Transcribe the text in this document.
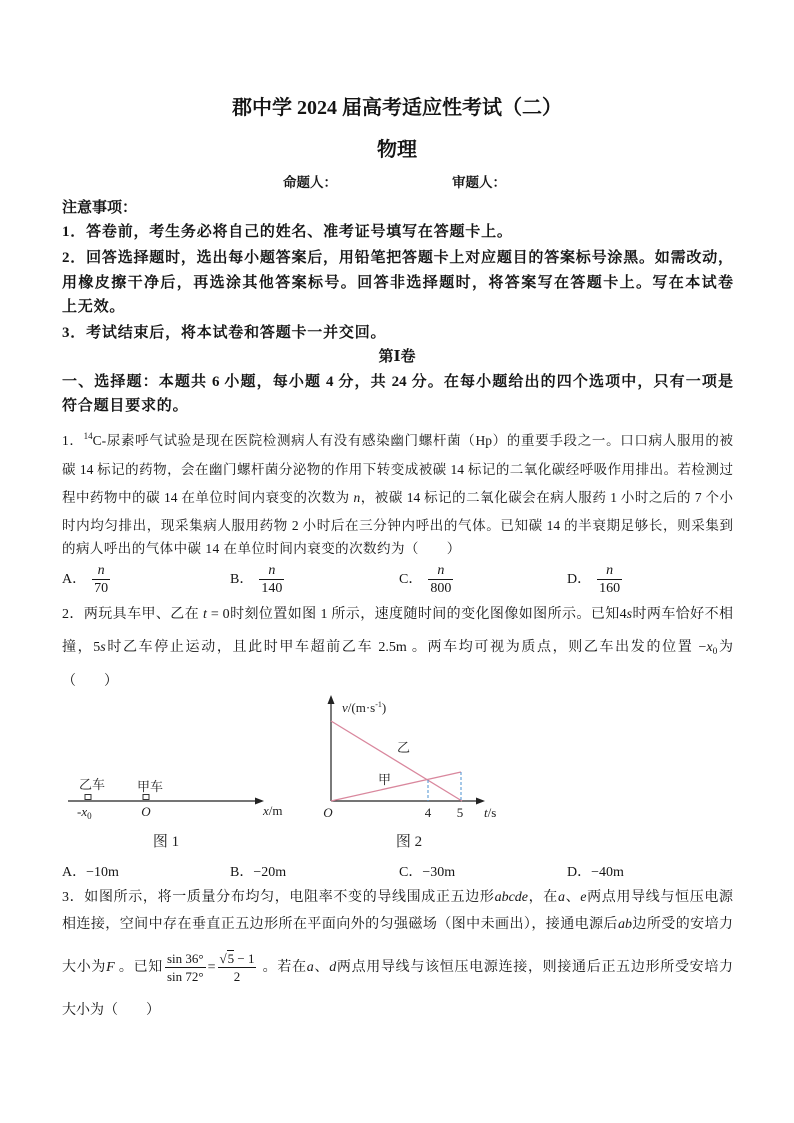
郡中学 2024 届高考适应性考试（二）
物理
命题人：	审题人：
注意事项：
1．答卷前，考生务必将自己的姓名、准考证号填写在答题卡上。
2．回答选择题时，选出每小题答案后，用铅笔把答题卡上对应题目的答案标号涂黑。如需改动，
用橡皮擦干净后，再选涂其他答案标号。回答非选择题时，将答案写在答题卡上。写在本试卷
上无效。
3．考试结束后，将本试卷和答题卡一并交回。
第Ⅰ卷
一、选择题：本题共 6 小题，每小题 4 分，共 24 分。在每小题给出的四个选项中，只有一项是
符合题目要求的。
1．$^{14}$C-尿素呼气试验是现在医院检测病人有没有感染幽门螺杆菌（Hp）的重要手段之一。口口病人服用的被
碳 14 标记的药物，会在幽门螺杆菌分泌物的作用下转变成被碳 14 标记的二氧化碳经呼吸作用排出。若检测过
程中药物中的碳 14 在单位时间内衰变的次数为 n，被碳 14 标记的二氧化碳会在病人服药 1 小时之后的 7 个小
时内均匀排出，现采集病人服用药物 2 小时后在三分钟内呼出的气体。已知碳 14 的半衰期足够长，则采集到
的病人呼出的气体中碳 14 在单位时间内衰变的次数约为（　　）
A． $\frac{n}{70}$	B． $\frac{n}{140}$	C． $\frac{n}{800}$	D． $\frac{n}{160}$
2．两玩具车甲、乙在 t = 0时刻位置如图 1 所示，速度随时间的变化图像如图所示。已知4s时两车恰好不相
撞，5s时乙车停止运动，且此时甲车超前乙车 2.5m 。两车均可视为质点，则乙车出发的位置 $-x_0$为
（　　）
乙车 甲车
$-x_0$	O	x/m
图 1
$v/(m\cdot s^{-1})$
乙
甲
O	4 5 t/s
图 2
A．−10m	B．−20m	C．−30m	D．−40m
3．如图所示，将一质量分布均匀，电阻率不变的导线围成正五边形abcde，在a、e两点用导线与恒压电源
相连接，空间中存在垂直正五边形所在平面向外的匀强磁场（图中未画出），接通电源后ab边所受的安培力
大小为F 。已知 $\frac{\sin 36^\circ}{\sin 72^\circ} = \frac{√5 - 1}{2}$ 。若在a、d两点用导线与该恒压电源连接，则接通后正五边形所受安培力
大小为（　　）
